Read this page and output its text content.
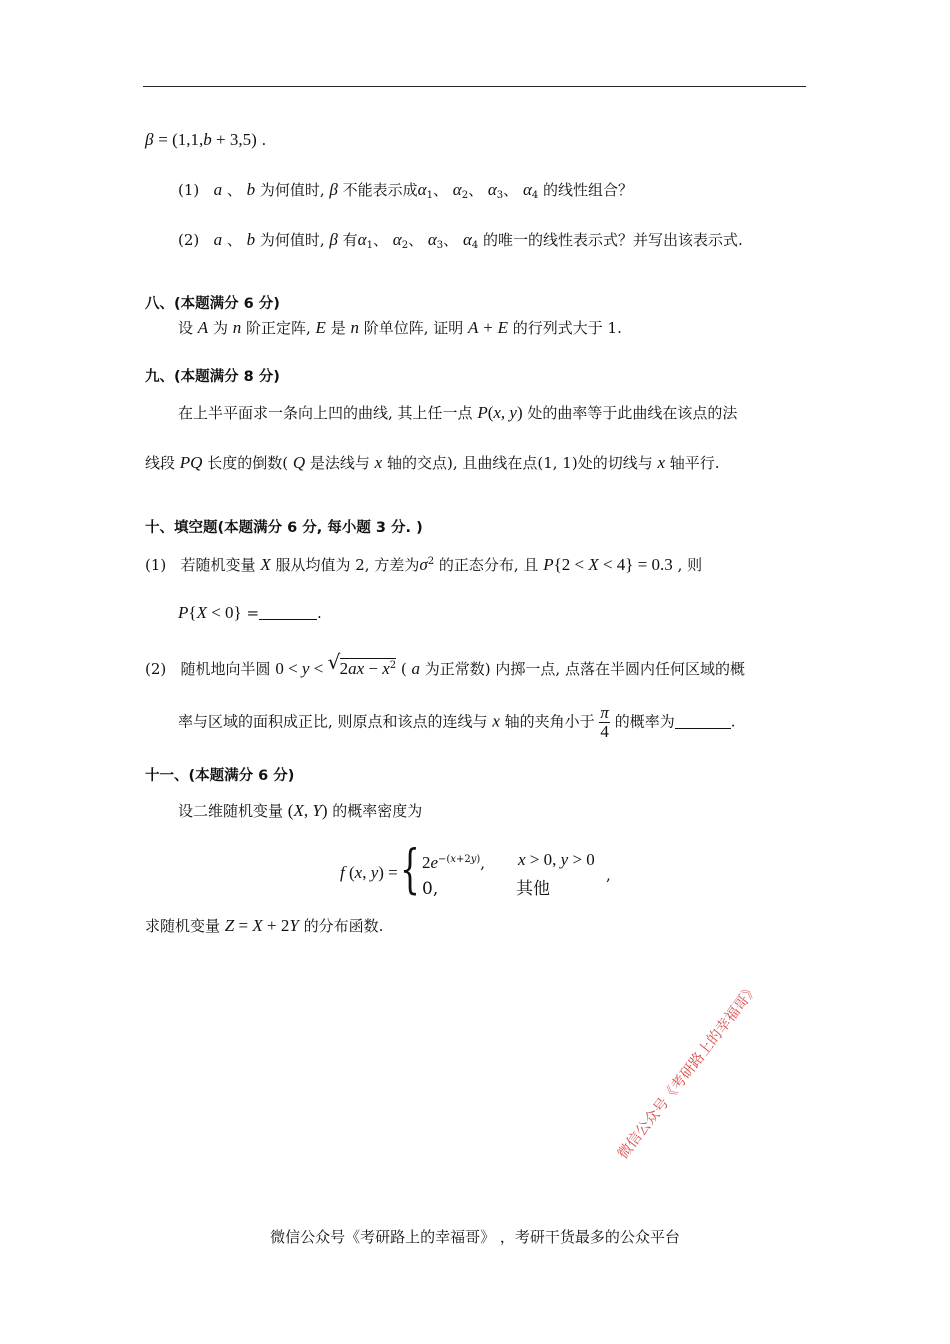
β = (1,1,b + 3,5) .
(1)   a 、 b 为何值时, β 不能表示成$\alpha_1$、 $\alpha_2$、 $\alpha_3$、 $\alpha_4$ 的线性组合？
(2)   a 、 b 为何值时, β 有$\alpha_1$、 $\alpha_2$、 $\alpha_3$、 $\alpha_4$ 的唯一的线性表示式？并写出该表示式.
八、(本题满分 6 分)
设 A 为 n 阶正定阵, E 是 n 阶单位阵, 证明 A + E 的行列式大于 1.
九、(本题满分 8 分)
在上半平面求一条向上凹的曲线, 其上任一点 P(x, y) 处的曲率等于此曲线在该点的法
线段 PQ 长度的倒数( Q 是法线与 x 轴的交点), 且曲线在点(1, 1)处的切线与 x 轴平行.
十、填空题(本题满分 6 分, 每小题 3 分. )
(1)   若随机变量 X 服从均值为 2, 方差为$\sigma^2$ 的正态分布, 且 P{2 < X < 4} = 0.3 , 则
P{X < 0} =	.
(2)   随机地向半圆 0 < y < √ $2ax - x^2$ ( a 为正常数) 内掷一点, 点落在半圆内任何区域的概
率与区域的面积成正比, 则原点和该点的连线与 x 轴的夹角小于 $\frac{\pi}{4}$ 的概率为	.
十一、(本题满分 6 分)
设二维随机变量 (X, Y) 的概率密度为
f (x, y) = { $2e^{-(x+2y)}$, x > 0, y > 0
,
0,	其他
求随机变量 Z = X + 2Y 的分布函数.
微信公众号《考研路上的幸福哥》
微信公众号《考研路上的幸福哥》 ，考研干货最多的公众平台
